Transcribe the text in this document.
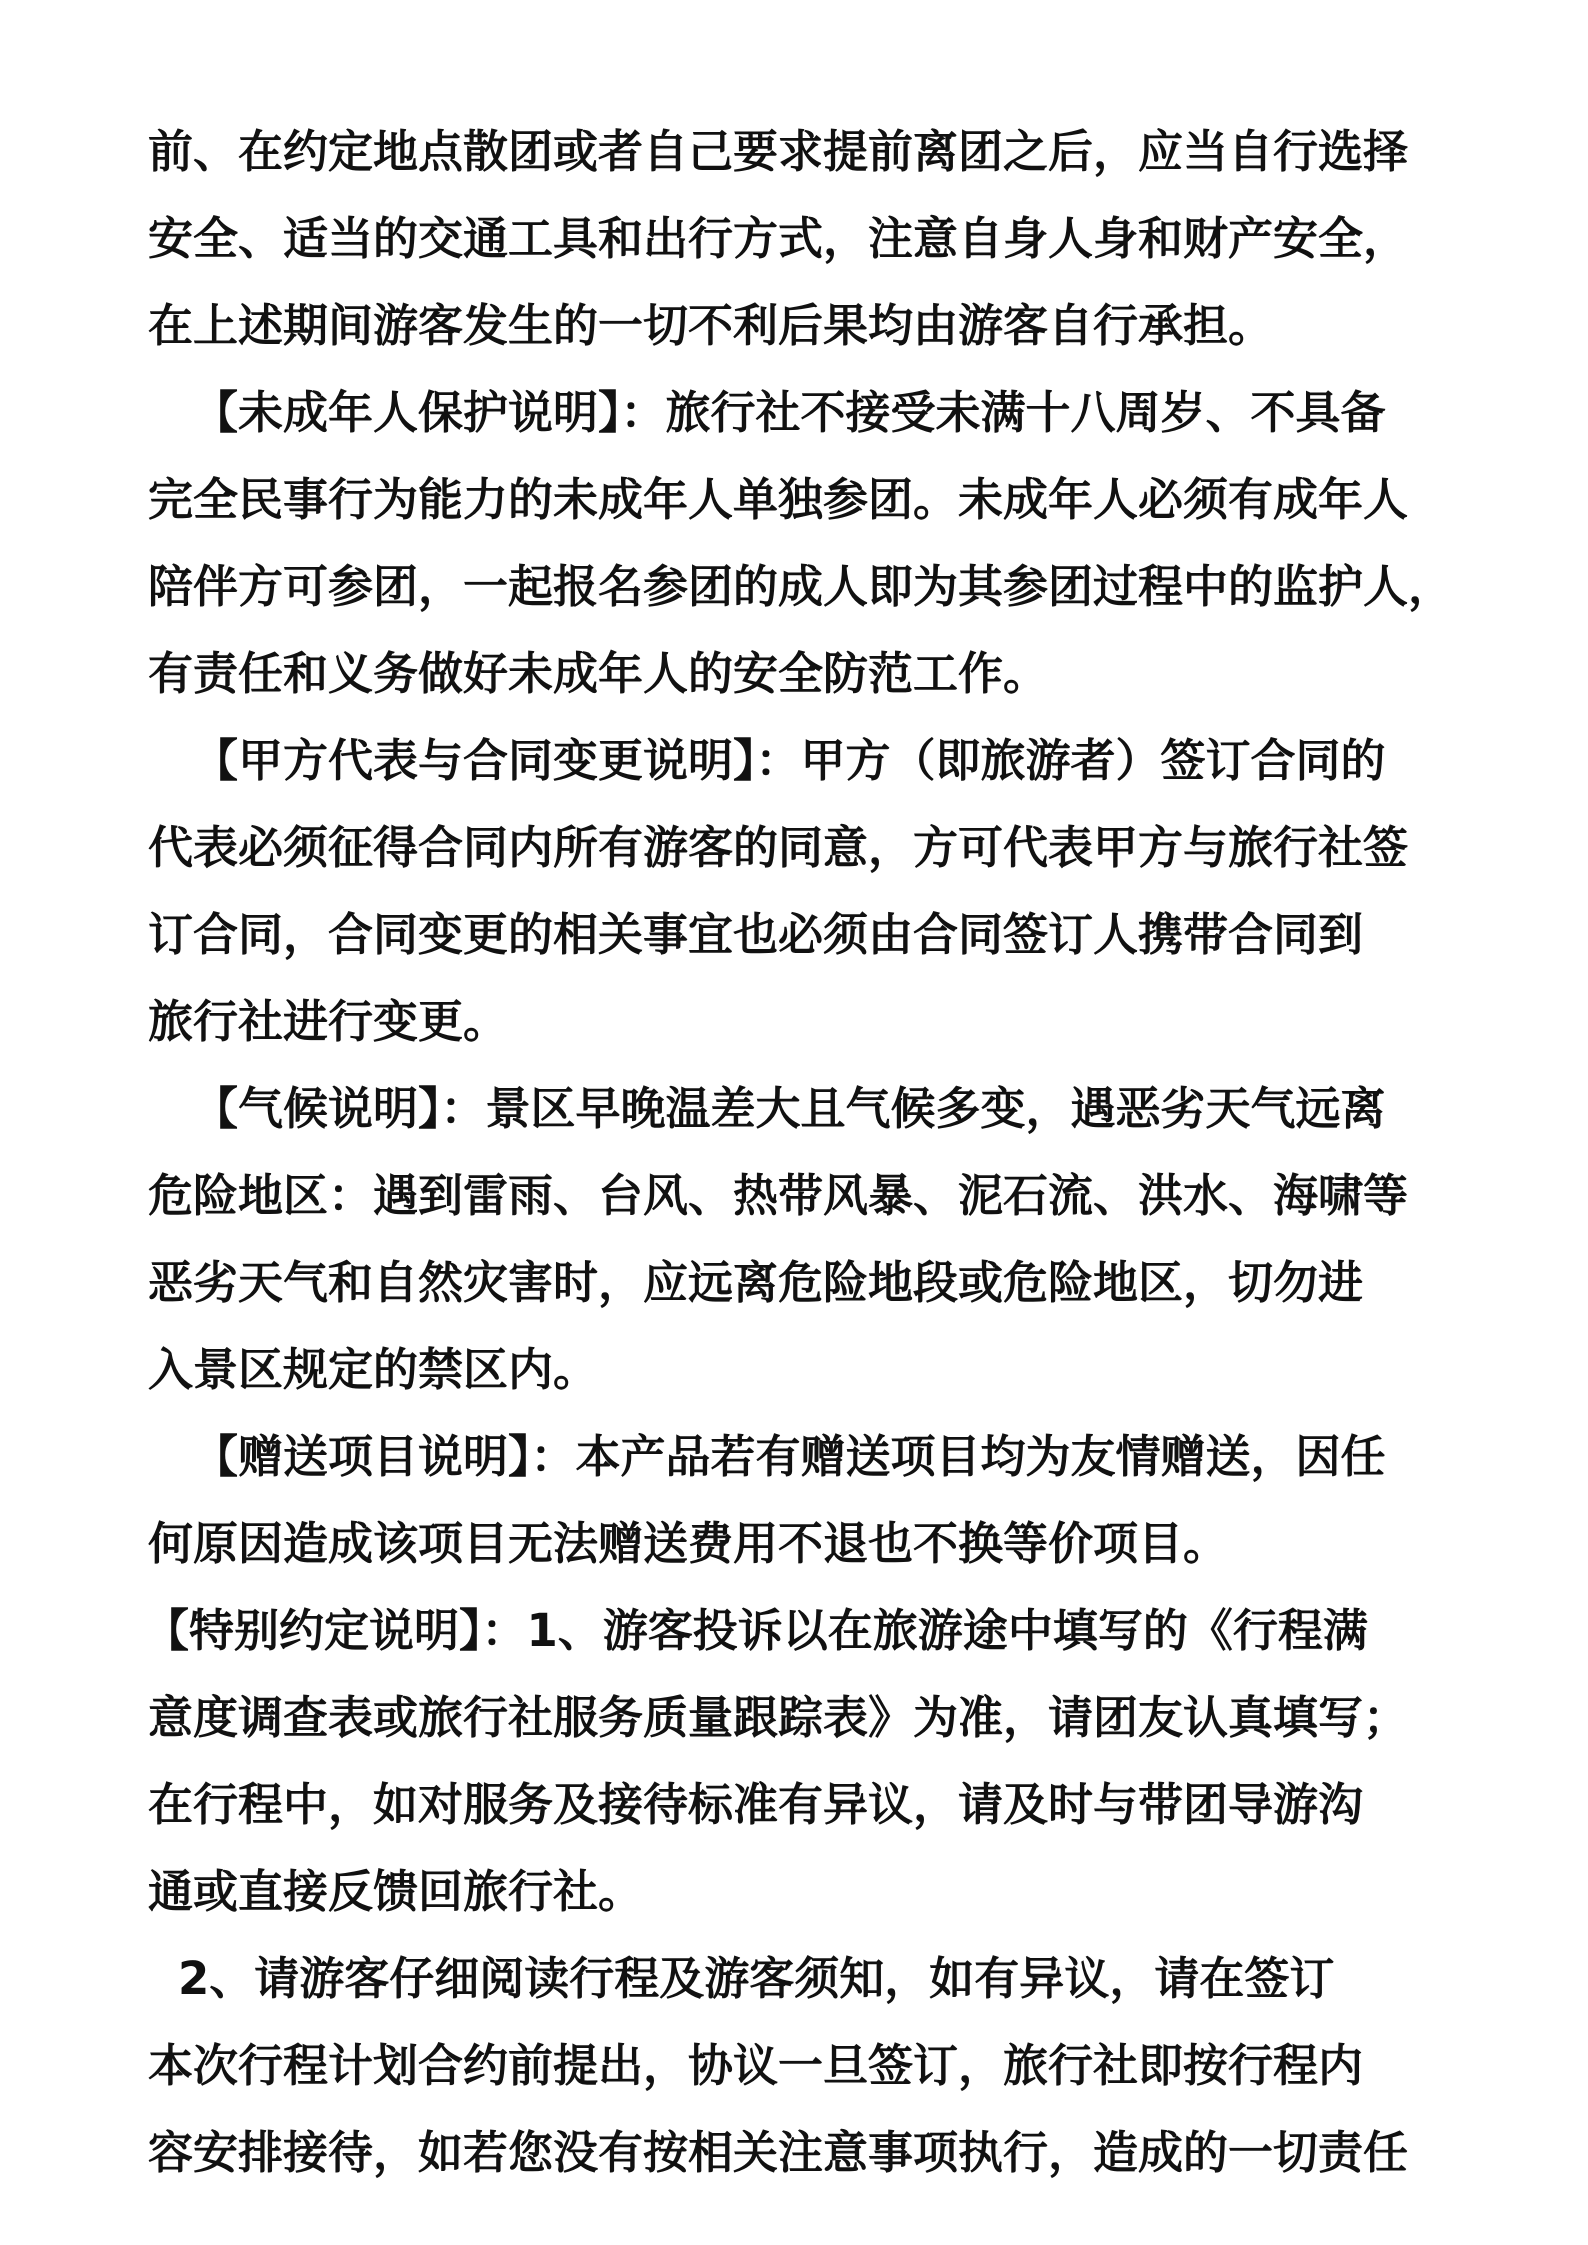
前、在约定地点散团或者自己要求提前离团之后，应当自行选择
安全、适当的交通工具和出行方式，注意自身人身和财产安全，
在上述期间游客发生的一切不利后果均由游客自行承担。
【未成年人保护说明】：旅行社不接受未满十八周岁、不具备
完全民事行为能力的未成年人单独参团。未成年人必须有成年人
陪伴方可参团，一起报名参团的成人即为其参团过程中的监护人，
有责任和义务做好未成年人的安全防范工作。
【甲方代表与合同变更说明】：甲方（即旅游者）签订合同的
代表必须征得合同内所有游客的同意，方可代表甲方与旅行社签
订合同，合同变更的相关事宜也必须由合同签订人携带合同到
旅行社进行变更。
【气候说明】：景区早晚温差大且气候多变，遇恶劣天气远离
危险地区：遇到雷雨、台风、热带风暴、泥石流、洪水、海啸等
恶劣天气和自然灾害时，应远离危险地段或危险地区，切勿进
入景区规定的禁区内。
【赠送项目说明】：本产品若有赠送项目均为友情赠送，因任
何原因造成该项目无法赠送费用不退也不换等价项目。
【特别约定说明】：1、游客投诉以在旅游途中填写的《行程满
意度调查表或旅行社服务质量跟踪表》为准，请团友认真填写；
在行程中，如对服务及接待标准有异议，请及时与带团导游沟
通或直接反馈回旅行社。
2、请游客仔细阅读行程及游客须知，如有异议，请在签订
本次行程计划合约前提出，协议一旦签订，旅行社即按行程内
容安排接待，如若您没有按相关注意事项执行，造成的一切责任
